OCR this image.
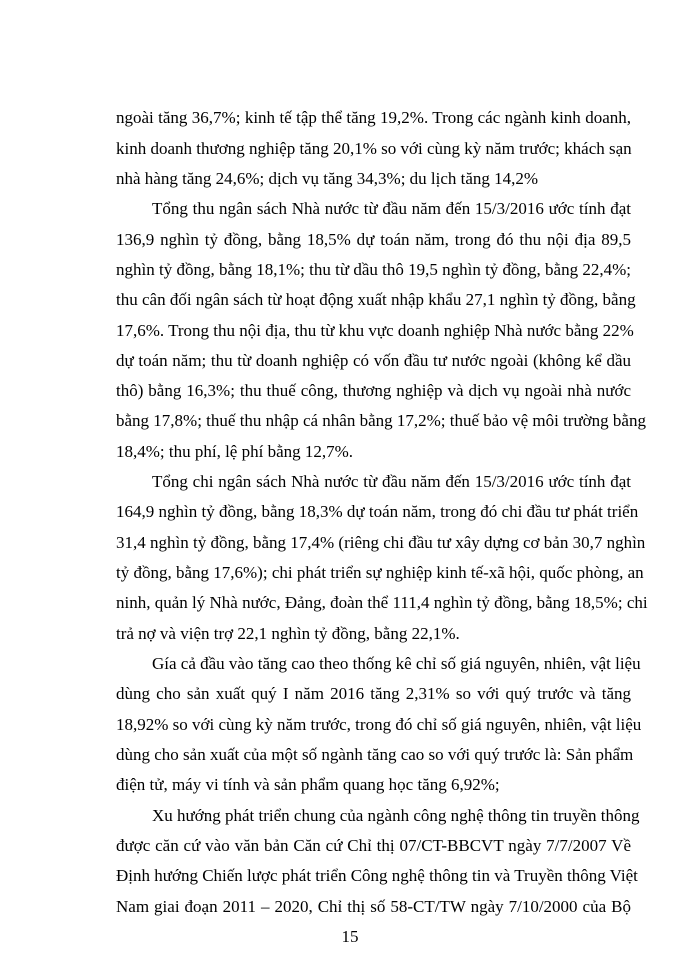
ngoài tăng 36,7%; kinh tế tập thể tăng 19,2%. Trong các ngành kinh doanh,

kinh doanh thương nghiệp tăng 20,1% so với cùng kỳ năm trước; khách sạn

nhà hàng tăng 24,6%; dịch vụ tăng 34,3%; du lịch tăng 14,2%

Tổng thu ngân sách Nhà nước từ đầu năm đến 15/3/2016 ước tính đạt

136,9 nghìn tỷ đồng, bằng 18,5% dự toán năm, trong đó thu nội địa 89,5

nghìn tỷ đồng, bằng 18,1%; thu từ dầu thô 19,5 nghìn tỷ đồng, bằng 22,4%;

thu cân đối ngân sách từ hoạt động xuất nhập khẩu 27,1 nghìn tỷ đồng, bằng

17,6%. Trong thu nội địa, thu từ khu vực doanh nghiệp Nhà nước bằng 22%

dự toán năm; thu từ doanh nghiệp có vốn đầu tư nước ngoài (không kể dầu

thô) bằng 16,3%; thu thuế công, thương nghiệp và dịch vụ ngoài nhà nước

bằng 17,8%; thuế thu nhập cá nhân bằng 17,2%; thuế bảo vệ môi trường bằng

18,4%; thu phí, lệ phí bằng 12,7%.

Tổng chi ngân sách Nhà nước từ đầu năm đến 15/3/2016 ước tính đạt

164,9 nghìn tỷ đồng, bằng 18,3% dự toán năm, trong đó chi đầu tư phát triển

31,4 nghìn tỷ đồng, bằng 17,4% (riêng chi đầu tư xây dựng cơ bản 30,7 nghìn

tỷ đồng, bằng 17,6%); chi phát triển sự nghiệp kinh tế-xã hội, quốc phòng, an

ninh, quản lý Nhà nước, Đảng, đoàn thể 111,4 nghìn tỷ đồng, bằng 18,5%; chi

trả nợ và viện trợ 22,1 nghìn tỷ đồng, bằng 22,1%.

Gía cả đầu vào tăng cao theo thống kê chỉ số giá nguyên, nhiên, vật liệu

dùng cho sản xuất quý I năm 2016 tăng 2,31% so với quý trước và tăng

18,92% so với cùng kỳ năm trước, trong đó chỉ số giá nguyên, nhiên, vật liệu

dùng cho sản xuất của một số ngành tăng cao so với quý trước là: Sản phẩm

điện tử, máy vi tính và sản phẩm quang học tăng 6,92%;

Xu hướng phát triển chung của ngành công nghệ thông tin truyền thông

được căn cứ vào văn bản Căn cứ Chỉ thị 07/CT-BBCVT ngày 7/7/2007 Về

Định hướng Chiến lược phát triển Công nghệ thông tin và Truyền thông Việt

Nam giai đoạn 2011 – 2020, Chỉ thị số 58-CT/TW ngày 7/10/2000 của Bộ

15
